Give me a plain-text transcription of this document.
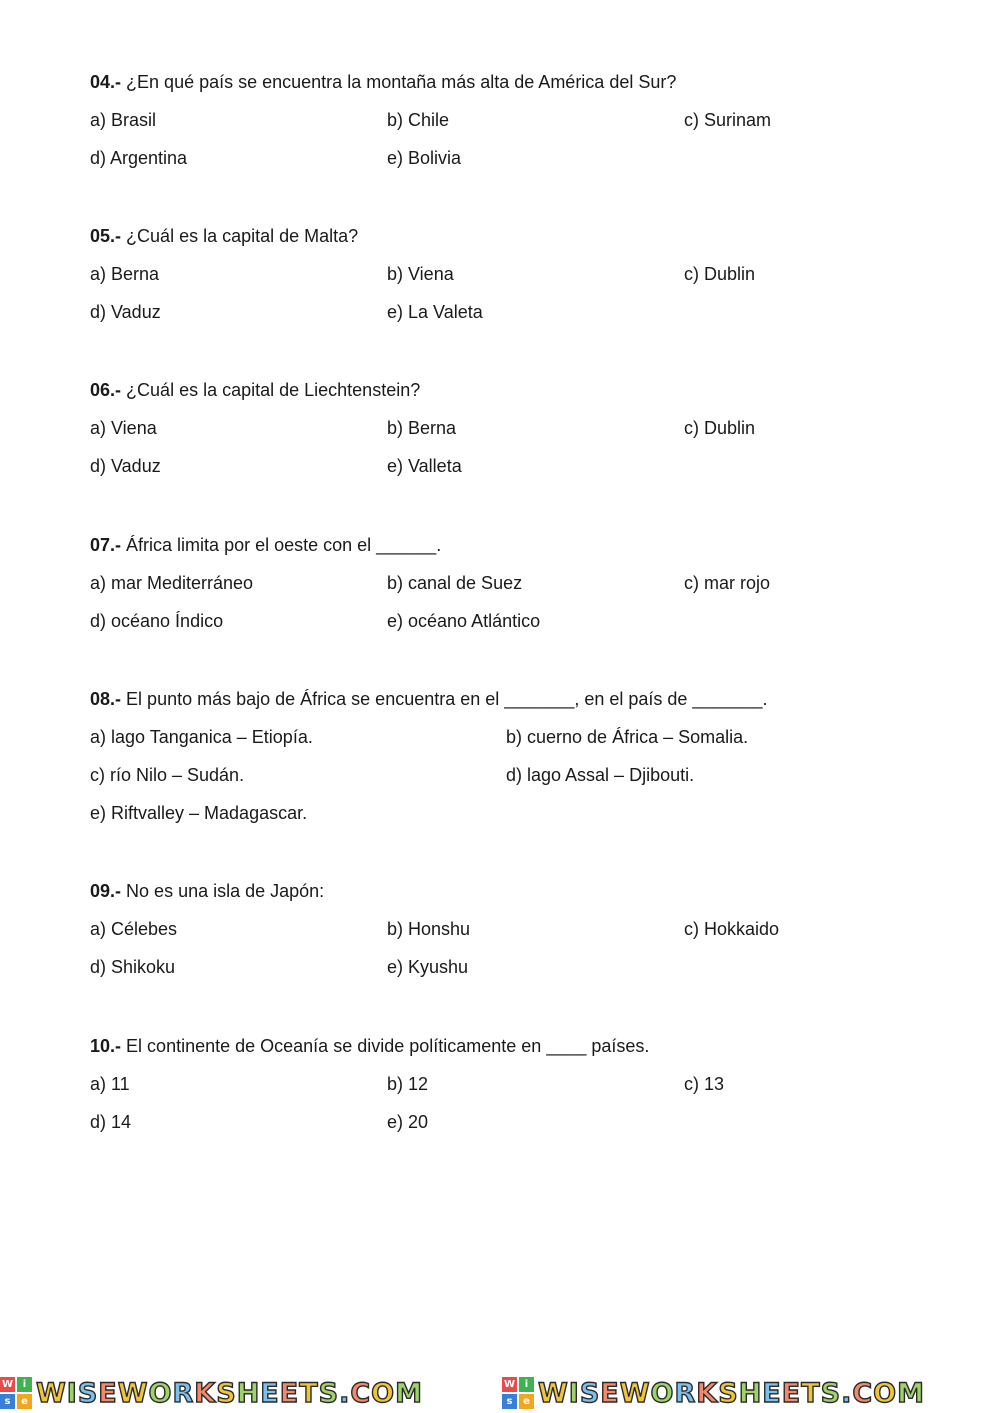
04.- ¿En qué país se encuentra la montaña más alta de América del Sur?
a) Brasil	b) Chile	c) Surinam
d) Argentina	e) Bolivia
05.- ¿Cuál es la capital de Malta?
a) Berna	b) Viena	c) Dublin
d) Vaduz	e) La Valeta
06.- ¿Cuál es la capital de Liechtenstein?
a) Viena	b) Berna	c) Dublin
d) Vaduz	e) Valleta
07.- África limita por el oeste con el ______.
a) mar Mediterráneo	b) canal de Suez	c) mar rojo
d) océano Índico	e) océano Atlántico
08.- El punto más bajo de África se encuentra en el _______, en el país de _______.
a) lago Tanganica – Etiopía.	b) cuerno de África – Somalia.
c) río Nilo – Sudán.	d) lago Assal – Djibouti.
e) Riftvalley – Madagascar.
09.- No es una isla de Japón:
a) Célebes	b) Honshu	c) Hokkaido
d) Shikoku	e) Kyushu
10.- El continente de Oceanía se divide políticamente en ____ países.
a) 11	b) 12	c) 13
d) 14	e) 20
W i
s	e WISEWORKSHEETS.COM	W i
s	e WISEWORKSHEETS.COM
